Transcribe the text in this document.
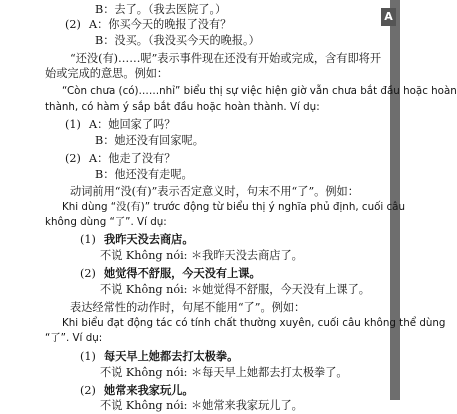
A
B：去了。（我去医院了。）
(2) A：你买今天的晚报了没有？
B：没买。（我没买今天的晚报。）
“还没(有)……呢”表示事件现在还没有开始或完成，含有即将开
始或完成的意思。例如：
“Còn chưa (có)……nhỉ” biểu thị sự việc hiện giờ vẫn chưa bắt đầu hoặc hoàn
thành, có hàm ý sắp bắt đầu hoặc hoàn thành. Ví dụ:
(1) A：她回家了吗？
B：她还没有回家呢。
(2) A：他走了没有？
B：他还没有走呢。
动词前用“没(有)”表示否定意义时，句末不用“了”。例如：
Khi dùng “没(有)” trước động từ biểu thị ý nghĩa phủ định, cuối câu
không dùng “了”. Ví dụ:
(1) 我昨天没去商店。
不说 Không nói: ＊我昨天没去商店了。
(2) 她觉得不舒服，今天没有上课。
不说 Không nói: ＊她觉得不舒服，今天没有上课了。
表达经常性的动作时，句尾不能用“了”。例如：
Khi biểu đạt động tác có tính chất thường xuyên, cuối câu không thể dùng
“了”. Ví dụ:
(1) 每天早上她都去打太极拳。
不说 Không nói: ＊每天早上她都去打太极拳了。
(2) 她常来我家玩儿。
不说 Không nói: ＊她常来我家玩儿了。
